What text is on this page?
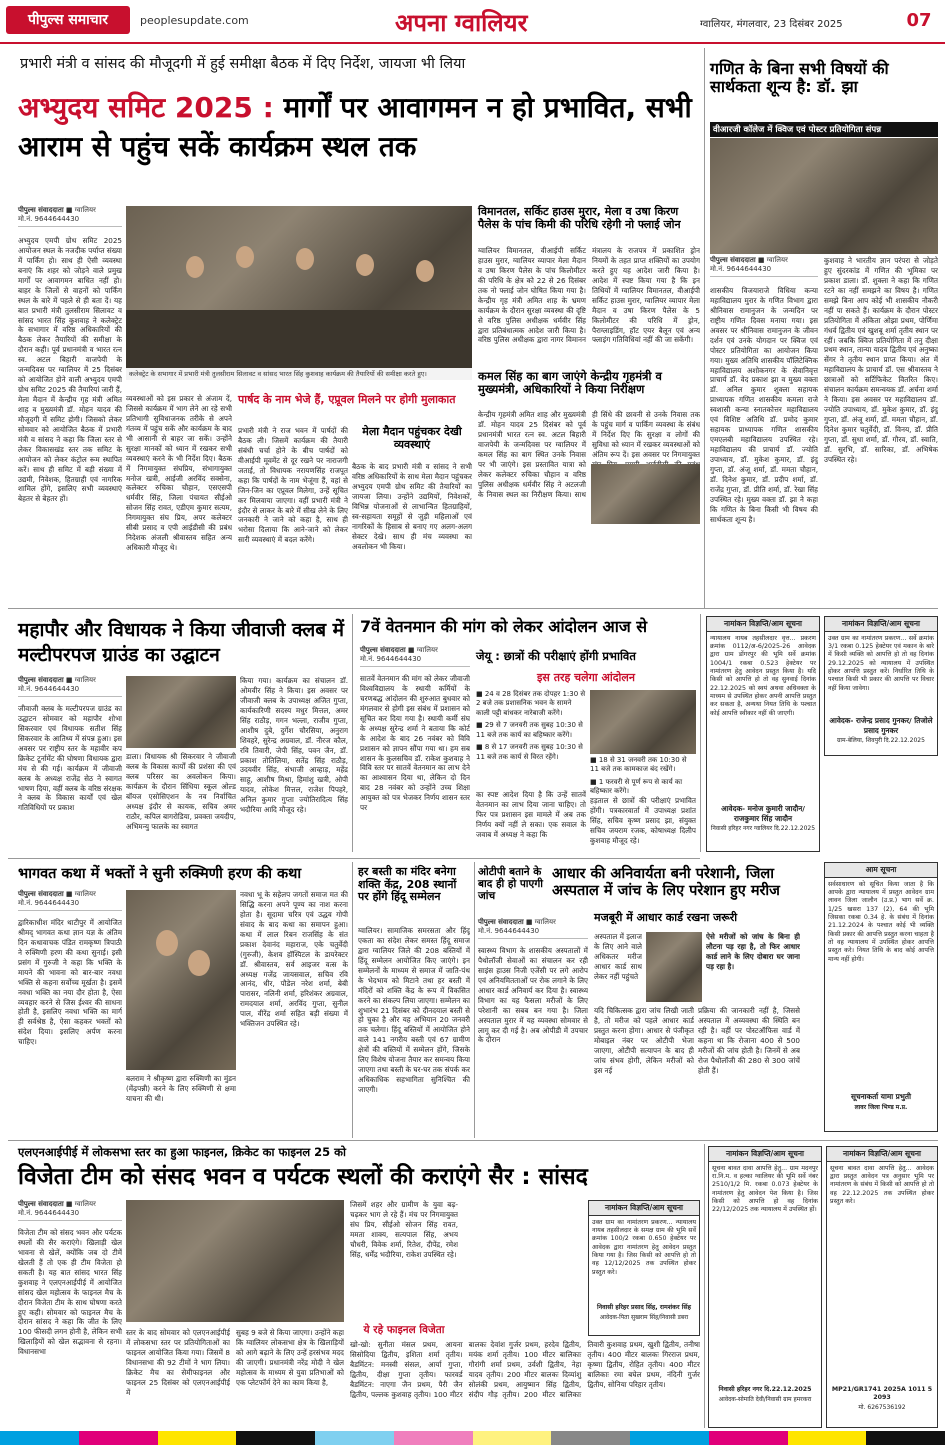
पीपुल्स समाचार	peoplesupdate.com	अपना ग्वालियर	ग्वालियर, मंगलवार, 23 दिसंबर 2025	07
प्रभारी मंत्री व सांसद की मौजूदगी में हुई समीक्षा बैठक में दिए निर्देश, जायजा भी लिया
अभ्युदय समिट 2025 : मार्गों पर आवागमन न हो प्रभावित, सभी आराम से पहुंच सकें कार्यक्रम स्थल तक
पीपुल्स संवाददाता ■ ग्वालियर
मो.नं. 9644644430
अभ्युदय एमपी ग्रोथ समिट 2025 आयोजन स्थल के नजदीक पर्याप्त संख्या में पार्किंग हो। साथ ही ऐसी व्यवस्था बनाएं कि शहर को जोड़ने वाले प्रमुख मार्गों पर आवागमन बाधित नहीं हो। बाहर के जिलों से वाहनों को पार्किंग स्थल के बारे में पहले से ही बता दें। यह बात प्रभारी मंत्री तुलसीराम सिलावट व सांसद भारत सिंह कुशवाह ने कलेक्ट्रेट के सभागार में वरिष्ठ अधिकारियों की बैठक लेकर तैयारियों की समीक्षा के दौरान कही। पूर्व प्रधानमंत्री व भारत रत्न स्व. अटल बिहारी वाजपेयी के जन्मदिवस पर ग्वालियर में 25 दिसंबर को आयोजित होने वाली अभ्युदय एमपी ग्रोथ समिट 2025 की तैयारियां जारी हैं, मेला मैदान में केन्द्रीय गृह मंत्री अमित शाह व मुख्यमंत्री डॉ. मोहन यादव की मौजूदगी में समिट होगी। जिसको लेकर सोमवार को आयोजित बैठक में प्रभारी मंत्री व सांसद ने कहा कि जिला स्तर से लेकर विकासखंड स्तर तक समिट के आयोजन को लेकर कंट्रोल रूम स्थापित करें। साथ ही समिट में बड़ी संख्या में उद्यमी, निवेशक, हितग्राही एवं नागरिक शामिल होंगे, इसलिए सभी व्यवस्थाएं बेहतर से बेहतर हों।
कलेक्ट्रेट के सभागार में प्रभारी मंत्री तुलसीराम सिलावट व सांसद भारत सिंह कुशवाह कार्यक्रम की तैयारियों की समीक्षा करते हुए।
व्यवस्थाओं को इस प्रकार से अंजाम दें, जिससे कार्यक्रम में भाग लेने आ रहे सभी प्रतिभागी सुविधाजनक तरीके से अपने गंतव्य में पहुंच सकें और कार्यक्रम के बाद भी आसानी से बाहर जा सकें। उन्होंने सुरक्षा मानकों को ध्यान में रखकर सभी व्यवस्थाएं करने के भी निर्देश दिए। बैठक में निगमायुक्त संघप्रिय, संभागायुक्त मनोज खत्री, आईजी अरविंद सक्सेना, कलेक्टर रुचिका चौहान, एसएसपी धर्मवीर सिंह, जिला पंचायत सीईओ सोजन सिंह रावत, एडीएम कुमार सत्यम, निगमायुक्त संघ प्रिय, अपर कलेक्टर सीबी प्रसाद व एपी आईडीसी की प्रबंध निदेशक अंजली श्रीवास्तव सहित अन्य अधिकारी मौजूद थे।
पार्षद के नाम भेजे हैं, एप्रूवल मिलने पर होगी मुलाकात
प्रभारी मंत्री ने राज भवन में पार्षदों की बैठक ली। जिसमें कार्यक्रम की तैयारी संबंधी चर्चा होने के बीच पार्षदों को वीआईपी मूवमेंट से दूर रखने पर नाराजगी जताई, तो विधायक नरायणसिंह राजपूत कहा कि पार्षदों के नाम भेजूंगा हैं, वहां से जिन-जिन का एप्रूवल मिलेगा, उन्हें सूचित कर मिलवाया जाएगा। वहीं प्रभारी मंत्री ने इंदौर से लाकर के बारे में सीख लेने के लिए जनकारी ने जाने को कहा है, साथ ही भरोसा दिलाया कि आने-जाने को लेकर सारी व्यवस्थाएं में बदल करेंगे।
मेला मैदान पहुंचकर देखी व्यवस्थाएं
बैठक के बाद प्रभारी मंत्री व सांसद ने सभी वरिष्ठ अधिकारियों के साथ मेला मैदान पहुंचकर अभ्युदय एमपी ग्रोथ समिट की तैयारियों का जायजा लिया। उन्होंने उद्यमियों, निवेशकों, विभिन्न योजनाओं से लाभान्वित हितग्राहियों, स्व-सहायता समूहों से जुड़ी महिलाओं एवं नागरिकों के हिसाब से बनाए गए अलग-अलग सेक्टर देखे। साथ ही मंच व्यवस्था का अवलोकन भी किया।
विमानतल, सर्किट हाउस मुरार, मेला व उषा किरण पैलेस के पांच किमी की परिधि रहेगी नो फ्लाई जोन
ग्वालियर विमानतल, वीआईपी सर्किट हाउस मुरार, ग्वालियर व्यापार मेला मैदान व उषा किरण पैलेस के पांच किलोमीटर की परिधि के क्षेत्र को 22 से 26 दिसंबर तक नो फ्लाई जोन घोषित किया गया है। केन्द्रीय गृह मंत्री अमित शाह के भ्रमण कार्यक्रम के दौरान सुरक्षा व्यवस्था की दृष्टि से वरिष्ठ पुलिस अधीक्षक धर्मवीर सिंह द्वारा प्रतिबंधात्मक आदेश जारी किया है। वरिष्ठ पुलिस अधीक्षक द्वारा नागर विमानन मंत्रालय के राजपत्र में प्रकाशित ड्रोन नियमों के तहत प्राप्त शक्तियों का उपयोग करते हुए यह आदेश जारी किया है। आदेश में स्पष्ट किया गया है कि इन तिथियों में ग्वालियर विमानतल, वीआईपी सर्किट हाउस मुरार, ग्वालियर व्यापार मेला मैदान व उषा किरण पैलेस के 5 किलोमीटर की परिधि में ड्रोन, पैराग्लाइडिंग, हॉट एयर बैलून एवं अन्य फ्लाइंग गतिविधियां नहीं की जा सकेंगी।
कमल सिंह का बाग जाएंगे केन्द्रीय गृहमंत्री व मुख्यमंत्री, अधिकारियों ने किया निरीक्षण
केन्द्रीय गृहमंत्री अमित शाह और मुख्यमंत्री डॉ. मोहन यादव 25 दिसंबर को पूर्व प्रधानमंत्री भारत रत्न स्व. अटल बिहारी वाजपेयी के जन्मदिवस पर ग्वालियर में कमल सिंह का बाग स्थित उनके निवास पर भी जाएंगे। इस प्रस्तावित यात्रा को लेकर कलेक्टर रुचिका चौहान व वरिष्ठ पुलिस अधीक्षक धर्मवीर सिंह ने अटलजी के निवास स्थल का निरीक्षण किया। साथ ही सिंधे की छावनी से उनके निवास तक के पहुंच मार्ग व पार्किंग व्यवस्था के संबंध में निर्देश दिए कि सुरक्षा व लोगों की सुविधा को ध्यान में रखकर व्यवस्थाओं को अंतिम रूप दें। इस अवसर पर निगमायुक्त
गणित के बिना सभी विषयों की सार्थकता शून्य है: डॉ. झा
वीआरजी कॉलेज में क्विज एवं पोस्टर प्रतियोगिता संपन्न
पीपुल्स संवाददाता ■ ग्वालियर
मो.नं. 9644644430
शासकीय विजयाराजे विधिया कन्या महाविद्यालय मुरार के गणित विभाग द्वारा श्रीनिवास रामानुजन के जन्मदिन पर राष्ट्रीय गणित दिवस मनाया गया। इस अवसर पर श्रीनिवास रामानुजन के जीवन दर्शन एवं उनके योगदान पर क्विज एवं पोस्टर प्रतियोगिता का आयोजन किया गया। मुख्य अतिथि शासकीय पॉलिटेक्निक महाविद्यालय अशोकनगर के सेवानिवृत्त प्राचार्य डॉ. वेद प्रकाश झा व मुख्य वक्ता डॉ. अनिल कुमार शुक्ला सहायक प्राध्यापक गणित शासकीय कमला राजे स्वशासी कन्या स्नातकोत्तर महाविद्यालय एवं विशिष्ट अतिथि डॉ. प्रमोद कुमार सहायक प्राध्यापक गणित शासकीय एमएलबी महाविद्यालय उपस्थित रहे। महाविद्यालय की प्राचार्य डॉ. ज्योति उपाध्याय, डॉ. मुकेश कुमार, डॉ. इंदु गुप्ता, डॉ. अंजू शर्मा, डॉ. ममता चौहान, डॉ. दिनेश कुमार, डॉ. प्रदीप शर्मा, डॉ. राजेंद्र गुप्ता, डॉ. प्रीति शर्मा, डॉ. रेखा सिंह उपस्थित रहे। मुख्य वक्ता डॉ. झा ने कहा कि गणित के बिना किसी भी विषय की सार्थकता शून्य है।
कुशवाह ने भारतीय ज्ञान परंपरा से जोड़ते हुए सुंदरकांड में गणित की भूमिका पर प्रकाश डाला। डॉ. शुक्ला ने कहा कि गणित रटने का नहीं समझने का विषय है। गणित समझे बिना आप कोई भी शासकीय नौकरी नहीं पा सकते हैं। कार्यक्रम के दौरान पोस्टर प्रतियोगिता में अंकिता ओझा प्रथम, पोर्णिमा गंधर्व द्वितीय एवं खुशबू शर्मा तृतीय स्थान पर रहीं। जबकि क्विज प्रतियोगिता में तनु दीक्षा प्रथम स्थान, तान्या यादव द्वितीय एवं अनुष्का सेंगर ने तृतीय स्थान प्राप्त किया। अंत में महाविद्यालय के प्राचार्य डॉ. एस श्रीवास्तव ने छात्राओं को सर्टिफिकेट वितरित किए। संचालन कार्यक्रम समन्वयक डॉ. अर्चना शर्मा ने किया। इस अवसर पर महाविद्यालय डॉ. ज्योति उपाध्याय, डॉ. मुकेश कुमार, डॉ. इंदु गुप्ता, डॉ. अंजू शर्मा, डॉ. ममता चौहान, डॉ. दिनेश कुमार चतुर्वेदी, डॉ. विनय, डॉ. प्रीति गुप्ता, डॉ. सुधा शर्मा, डॉ. गौरव, डॉ. स्वाति, डॉ. सुरभि, डॉ. सारिका, डॉ. अभिषेक उपस्थित रहे।
महापौर और विधायक ने किया जीवाजी क्लब में मल्टीपरपज ग्राउंड का उद्घाटन
पीपुल्स संवाददाता ■ ग्वालियर
मो.नं. 9644644430
जीवाजी क्लब के मल्टीपरपज ग्राउंड का उद्घाटन सोमवार को महापौर शोभा सिकरवार एवं विधायक सतीश सिंह सिकरवार के आतिथ्य में संपन्न हुआ। इस अवसर पर राष्ट्रीय स्तर के महावीर कप क्रिकेट टूर्नामेंट की घोषणा विधायक द्वारा मंच से की गई। कार्यक्रम में जीवाजी क्लब के अध्यक्ष राजेंद्र सेठ ने स्वागत भाषण दिया, वहीं क्लब के वरिष्ठ संरक्षक ने क्लब के विकास कार्यों एवं खेल गतिविधियों पर प्रकाश
डाला। विधायक श्री सिकरवार ने जीवाजी क्लब के विकास कार्यों की प्रशंसा की एवं क्लब परिसर का अवलोकन किया। कार्यक्रम के दौरान सिंधिया स्कूल ओल्ड बॉयज एसोसिएशन के नव निर्वाचित अध्यक्ष इंदौर से कायक, सचिव अमर राठौर, कपिल बागरोडिया, प्रवक्ता जयदीप, अभिमन्यु फालके का स्वागत
किया गया। कार्यक्रम का संचालन डॉ. ओमवीर सिंह ने किया। इस अवसर पर जीवाजी क्लब के उपाध्यक्ष अजित गुप्ता, कार्यकारिणी सदस्य मधुर मित्तल, अमर सिंह राठौड़, गगन भल्ला, राजीव गुप्ता, आशीष दुबे, दुर्गेश चौरसिया, अनुराग शिवहरे, सुरेन्द्र अग्रवाल, डॉ. नीरज कौल, रवि तिवारी, जेपी सिंह, पवन जैन, डॉ. प्रकाश तोतिलिया, सतेंद्र सिंह राठौड़, उदयवीर सिंह, संभाजी आव्हाड़, महेंद्र साहू, आशीष मिश्रा, हिमांशु खत्री, ओपी यादव, लोकेश मित्तल, राजेश पिपहरे, अनिल कुमार गुप्ता ज्योतिरादित्य सिंह भदौरिया आदि मौजूद रहे।
7वें वेतनमान की मांग को लेकर आंदोलन आज से
पीपुल्स संवाददाता ■ ग्वालियर
मो.नं. 9644644430	जेयू : छात्रों की परीक्षाएं होंगी प्रभावित
इस तरह चलेगा आंदोलन
सातवें वेतनमान की मांग को लेकर जीवाजी विश्वविद्यालय के स्थायी कर्मियों के चरणबद्ध आंदोलन की शुरुआत बुधवार को मंगलवार से होगी इस संबंध में प्रशासन को सूचित कर दिया गया है। स्थायी कर्मी संघ के अध्यक्ष सुरेन्द्र शर्मा ने बताया कि कोर्ट के आदेश के बाद 26 नवंबर को विवि प्रशासन को ज्ञापन सौंपा गया था। हम सब शासन के कुलसचिव डॉ. राकेश कुशवाह ने विवि स्तर पर सातवें वेतनमान का लाभ देने का आश्वासन दिया था, लेकिन दो दिन बाद 28 नवंबर को उन्होंने उच्च शिक्षा आयुक्त को पत्र भेजकर निर्णय शासन स्तर पर
■ 24 व 28 दिसंबर तक दोपहर 1:30 से 2 बजे तक प्रशासनिक भवन के सामने काली पट्टी बांधकर नारेबाजी करेंगे।
■ 29 से 7 जनवरी तक सुबह 10:30 से 11 बजे तक कार्य का बहिष्कार करेंगे।
■ 8 से 17 जनवरी तक सुबह 10:30 से 11 बजे तक कार्य से विरत रहेंगे।	■ 18 से 31 जनवरी तक 10:30 से 11 बजे तक कामकाज बंद रखेंगे।
■ 1 फरवरी से पूर्ण रूप से कार्य का बहिष्कार करेंगे।
का स्पष्ट आदेश दिया है कि उन्हें सातवें वेतनमान का लाभ दिया जाना चाहिए। तो फिर पत्र प्रशासन इस मामले में अब तक निर्णय क्यों नहीं ले सका। एक सवाल के जवाब में अध्यक्ष ने कहा कि
हड़ताल से छात्रों की परीक्षाएं प्रभावित होंगी। पत्रकारवार्ता में उपाध्यक्ष प्रशांत सिंह, सचिव कृष्ण प्रसाद झा, संयुक्त सचिव जयराम रजक, कोषाध्यक्ष दिलीप कुशवाह मौजूद रहे।
नामांकन विज्ञप्ति/आम सूचना
न्यायालय नायब तहसीलदार वृत्त... प्रकरण क्रमांक 0112/अ-6/2025-26 आवेदक द्वारा ग्राम डोंगरपुर की भूमि सर्वे क्रमांक 1004/1 रकबा 0.523 हेक्टेयर पर नामांतरण हेतु आवेदन प्रस्तुत किया है। यदि किसी को आपत्ति हो तो वह सुनवाई दिनांक 22.12.2025 को स्वयं अथवा अधिवक्ता के माध्यम से उपस्थित होकर अपनी आपत्ति प्रस्तुत कर सकता है, अन्यथा नियत तिथि के पश्चात कोई आपत्ति स्वीकार नहीं की जाएगी।
आवेदक- मनोज कुमारी जादौन/ राजकुमार सिंह जादौन
निवासी हरिहर नगर ग्वालियर दि.22.12.2025
नामांकन विज्ञप्ति/आम सूचना
उक्त ग्राम का नामांतरण प्रकरण... सर्वे क्रमांक 3/1 रकबा 0.125 हेक्टेयर एवं मकान के बारे में किसी व्यक्ति को आपत्ति हो तो वह दिनांक 29.12.2025 को न्यायालय में उपस्थित होकर आपत्ति प्रस्तुत करें। निर्धारित तिथि के पश्चात किसी भी प्रकार की आपत्ति पर विचार नहीं किया जावेगा।
आवेदक- राजेन्द्र प्रसाद गुनकर/ तिजोले प्रसाद गुनकर
ग्राम-बेलिया, शिवपुरी दि.22.12.2025
भागवत कथा में भक्तों ने सुनी रुक्मिणी हरण की कथा
पीपुल्स संवाददाता ■ ग्वालियर
मो.नं. 9644644430
द्वारिकाधीश मंदिर थाटीपुर में आयोजित श्रीमद् भागवत कथा ज्ञान यज्ञ के अंतिम दिन कथावाचक पंडित रामकृष्ण त्रिपाठी ने रुक्मिणी हरण की कथा सुनाई। इसी प्रसंग में गुरुजी ने कहा कि भक्ति के मायने की भावना को बार-बार नवधा भक्ति से कहना सर्वोच्च मूर्खता है। इसमें नवधा भक्ति का नया दौर होता है, ऐसा व्यवहार करने से जिस ईश्वर की साधना होती है, इसलिए नवधा भक्ति का मार्ग ही सर्वश्रेष्ठ है, ऐसा कहकर भक्तों को संदेश दिया। इसलिए अर्पण करना चाहिए।
बलराम ने श्रीकृष्ण द्वारा रुक्मिणी का मुंडन (मेंढ़पन्नी) करने के लिए रुक्मिणी से क्षमा याचना की थी।
नवधा भू के सहेलप जगतों समाज मत की सिद्धि करना अपने पूण्य का नाश करना होता है। सूदामा चरित्र एवं उद्धव गोपी संवाद के बाद कथा का समापन हुआ। कथा में लाल रिबन राजसिंह के संत प्रकाश देवानंद महाराज, एके चतुर्वेदी (गुरुजी), केशव हॉस्पिटल के डायरेक्टर डॉ. श्रीवास्तव, सर्व आइजर वत्स के अध्यक्ष गजेंद्र जायसवाल, सचिव रवि आनंद, धीर, पौडेल नरेश शर्मा, बेबी पारासर, नलिनी शर्मा, हरिशंकर अग्रवाल, रामदयाल शर्मा, अरविंद गुप्ता, सुनील पाल, वीरेंद्र शर्मा सहित बड़ी संख्या में भक्तिजन उपस्थित रहे।
हर बस्ती का मंदिर बनेगा शक्ति केंद्र, 208 स्थानों पर होंगे हिंदू सम्मेलन
ग्वालियर। सामाजिक समरसता और हिंदू एकता का संदेश लेकर समस्त हिंदू समाज द्वारा ग्वालियर जिले की 208 बस्तियों में हिंदू सम्मेलन आयोजित किए जाएंगे। इन सम्मेलनों के माध्यम से समाज में जाति-पंथ के भेदभाव को मिटाने तथा हर बस्ती में मंदिरों को शक्ति केंद्र के रूप में विकसित करने का संकल्प लिया जाएगा। सम्मेलन का शुभारंभ 21 दिसंबर को दीनदयाल बस्ती से हो चुका है और यह अभियान 20 जनवरी तक चलेगा। हिंदू बस्तियों में आयोजित होने वाले 141 नगरीय बस्ती एवं 67 ग्रामीण क्षेत्रों की बस्तियों में सम्मेलन होंगे, जिसके लिए विशेष योजना तैयार कर समन्वय किया जाएगा तथा बस्ती के घर-घर तक संपर्क कर अधिकाधिक सहभागिता सुनिश्चित की जाएगी।
ओटीपी बताने के बाद ही हो पाएगी जांच
आधार की अनिवार्यता बनी परेशानी, जिला अस्पताल में जांच के लिए परेशान हुए मरीज
पीपुल्स संवाददाता ■ ग्वालियर
मो.नं. 9644644430
मजबूरी में आधार कार्ड रखना जरूरी
अस्पताल में इलाज के लिए आने वाले अधिकतर मरीज आधार कार्ड साथ लेकर नहीं पहुंचते
ऐसे मरीजों को जांच के बिना ही लौटना पड़ रहा है, तो फिर आधार कार्ड लाने के लिए दोबारा घर जाना पड़ रहा है।
स्वास्थ्य विभाग के शासकीय अस्पतालों में पैथोलॉजी सेवाओं का संचालन कर रही साइंस हाउस निजी एजेंसी पर लगे आरोप एवं अनियमितताओं पर रोक लगाने के लिए आधार कार्ड अनिवार्य कर दिया है। स्वास्थ्य विभाग का यह फैसला मरीजों के लिए परेशानी का सबब बन गया है। जिला अस्पताल मुरार में यह व्यवस्था सोमवार से लागू कर दी गई है। अब ओपीडी में उपचार के दौरान
यदि चिकित्सक द्वारा जांच लिखी जाती है, तो मरीज को पहले आधार कार्ड प्रस्तुत करना होगा। आधार से पंजीकृत मोबाइल नंबर पर ओटीपी भेजा जाएगा, ओटीपी सत्यापन के बाद ही जांच संभव होगी, लेकिन मरीजों को इस नई
प्रक्रिया की जानकारी नहीं है, जिससे अस्पताल में अव्यवस्था की स्थिति बन रही है। वहीं पर पोस्टऑफिस वार्ड में कहना था कि रोजाना 400 से 500 मरीजों की जांच होती है। जिनमें से अब रोज पैथोलॉजी की 280 से 300 जांचें होती हैं।
आम सूचना
सर्वसाधारण को सूचित किया जाता है कि आपके द्वारा न्यायालय में प्रस्तुत आवेदन ग्राम लावन जिला जालौन (उ.प्र.) भाग सर्वे क्र. 1/25 खसरा 137 (2), 64 की भूमि जिसका रकबा 0.34 हे. के संबंध में दिनांक 21.12.2024 के पश्चात कोई भी व्यक्ति किसी प्रकार की आपत्ति प्रस्तुत करना चाहता है तो वह न्यायालय में उपस्थित होकर आपत्ति प्रस्तुत करे। नियत तिथि के बाद कोई आपत्ति मान्य नहीं होगी।
सूचनाकर्ता यामा प्रभुती
लावर जिला भिण्ड म.प्र.
एलएनआईपीई में लोकसभा स्तर का हुआ फाइनल, क्रिकेट का फाइनल 25 को
विजेता टीम को संसद भवन व पर्यटक स्थलों की कराएंगे सैर : सांसद
पीपुल्स संवाददाता ■ ग्वालियर
मो.नं. 9644644430
विजेता टीम को संसद भवन और पर्यटक स्थलों की सैर कराएंगे। खिलाड़ी खेल भावना से खेलें, क्योंकि जब दो टीमें खेलती हैं तो एक ही टीम विजेता हो सकती है। यह बात सांसद भारत सिंह कुशवाह ने एलएनआईपीई में आयोजित सांसद खेल महोत्सव के फाइनल मैच के दौरान विजेता टीम के साथ घोषणा करते हुए कही। सोमवार को फाइनल मैच के दौरान सांसद ने कहा कि जीत के लिए 100 फीसदी लगन होनी है, लेकिन सभी खिलाड़ियों को खेल सद्भावना से रहना। विधानसभा
स्तर के बाद सोमवार को एलएनआईपीई में लोकसभा स्तर पर प्रतियोगिताओं का फाइनल आयोजित किया गया। जिसमें 8 विधानसभा की 92 टीमों ने भाग लिया। क्रिकेट मैच का सेमीफाइनल और फाइनल 25 दिसंबर को एलएनआईपीई में
सुबह 9 बजे से किया जाएगा। उन्होंने कहा कि ग्वालियर लोकसभा क्षेत्र के खिलाड़ियों को आगे बढ़ाने के लिए उन्हें हरसंभव मदद की जाएगी। प्रधानमंत्री नरेंद्र मोदी ने खेल महोत्सव के माध्यम से युवा प्रतिभाओं को एक प्लेटफॉर्म देने का काम किया है,
जिसमें शहर और ग्रामीण के युवा बढ़-चढ़कर भाग ले रहे हैं। मंच पर निगमायुक्त संघ प्रिय, सीईओ सोजन सिंह रावत, ममता शाक्य, सत्यपाल सिंह, अभय चौधरी, विवेक शर्मा, रितेश, दीपेंद्र, रमेश सिंह, धर्मेंद्र भदौरिया, राकेश उपस्थित रहे।
ये रहे फाइनल विजेता
खो-खो: सुनीता मंसल प्रथम, आयना सिसोदिया द्वितीय, इशिता शर्मा तृतीय। बैडमिंटन: मनस्वी संसल, आर्या गुप्ता, द्वितीय, दीक्षा गुप्ता तृतीय। फारवर्ड बैडमिंटन: नाएगा जैन प्रथम, पैरी जैन द्वितीय, पल्लक कुशवाह तृतीय। 100 मीटर बालकः देवांश गुर्जर प्रथम, हरदेव द्वितीय, मयंक शर्मा तृतीय। 100 मीटर बालिकाः गौरांगी शर्मा प्रथम, उर्वशी द्वितीय, नेहा यादव तृतीय। 200 मीटर बालकः दिव्यांशु सोलंकी प्रथम, आयुष्मान सिंह द्वितीय, संदीप गौड़ तृतीय। 200 मीटर बालिकाः तिवारी कुशवाह प्रथम, खुशी द्वितीय, तनीषा तृतीय। 400 मीटर बालकः गिरराज प्रथम, कृष्णा द्वितीय, रोहित तृतीय। 400 मीटर बालिकाः रमा बघेल प्रथम, नंदिनी गुर्जर द्वितीय, सोनिया परिहार तृतीय।
नामांकन विज्ञप्ति/आम सूचना
उक्त ग्राम का नामांतरण प्रकरण... न्यायालय नायब तहसीलदार के समक्ष ग्राम की भूमि सर्वे क्रमांक 100/2 रकबा 0.650 हेक्टेयर पर आवेदक द्वारा नामांतरण हेतु आवेदन प्रस्तुत किया गया है। जिस किसी को आपत्ति हो तो वह 12/12/2025 तक उपस्थित होकर प्रस्तुत करे।
निवासी हरिहर प्रसाद सिंह, रामशंकर सिंह
आवेदक-पिता सुखराम सिंह/निवासी डबरा
नामांकन विज्ञप्ति/आम सूचना
सूचना बावत दावा आपत्ति हेतु... ग्राम मदनपुर रा.नि.म. व हल्का ग्वालियर की भूमि सर्वे नंबर 2510/1/2 मि. रकबा 0.073 हेक्टेयर के नामांतरण हेतु आवेदन पेश किया है। जिस किसी को आपत्ति हो वह दिनांक 22/12/2025 तक न्यायालय में उपस्थित हों।
निवासी हरिहर नगर दि.22.12.2025
आवेदक-सोमाति देवी/निवासी ग्राम हमरकरा
नामांकन विज्ञप्ति/आम सूचना
सूचना बावत दावा आपत्ति हेतु... आवेदक द्वारा प्रस्तुत आवेदन पत्र अनुसार भूमि पर नामांतरण के संबंध में किसी को आपत्ति हो तो वह 22.12.2025 तक उपस्थित होकर प्रस्तुत करे।
MP21/GR1741 2025A 1011 5 2093
मो. 6267536192
